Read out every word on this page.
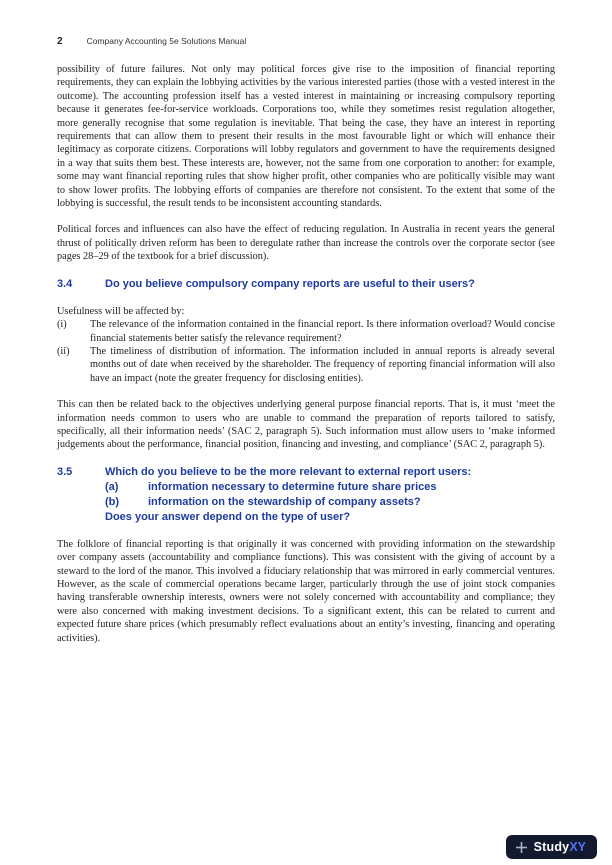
2	Company Accounting 5e Solutions Manual

possibility of future failures. Not only may political forces give rise to the imposition of financial reporting requirements, they can explain the lobbying activities by the various interested parties (those with a vested interest in the outcome). The accounting profession itself has a vested interest in maintaining or increasing compulsory reporting because it generates fee-for-service workloads. Corporations too, while they sometimes resist regulation altogether, more generally recognise that some regulation is inevitable. That being the case, they have an interest in reporting requirements that can allow them to present their results in the most favourable light or which will enhance their legitimacy as corporate citizens. Corporations will lobby regulators and government to have the requirements designed in a way that suits them best. These interests are, however, not the same from one corporation to another: for example, some may want financial reporting rules that show higher profit, other companies who are politically visible may want to show lower profits. The lobbying efforts of companies are therefore not consistent. To the extent that some of the lobbying is successful, the result tends to be inconsistent accounting standards.

Political forces and influences can also have the effect of reducing regulation. In Australia in recent years the general thrust of politically driven reform has been to deregulate rather than increase the controls over the corporate sector (see pages 28–29 of the textbook for a brief discussion).

3.4	Do you believe compulsory company reports are useful to their users?

Usefulness will be affected by:

(i)	The relevance of the information contained in the financial report. Is there information overload? Would concise financial statements better satisfy the relevance requirement?
(ii)	The timeliness of distribution of information. The information included in annual reports is already several months out of date when received by the shareholder. The frequency of reporting financial information will also have an impact (note the greater frequency for disclosing entities).

This can then be related back to the objectives underlying general purpose financial reports. That is, it must ‘meet the information needs common to users who are unable to command the preparation of reports tailored to satisfy, specifically, all their information needs’ (SAC 2, paragraph 5). Such information must allow users to ‘make informed judgements about the performance, financial position, financing and investing, and compliance’ (SAC 2, paragraph 5).

3.5	Which do you believe to be the more relevant to external report users:
(a)	information necessary to determine future share prices
(b)	information on the stewardship of company assets?
Does your answer depend on the type of user?

The folklore of financial reporting is that originally it was concerned with providing information on the stewardship over company assets (accountability and compliance functions). This was consistent with the giving of account by a steward to the lord of the manor. This involved a fiduciary relationship that was mirrored in early commercial ventures. However, as the scale of commercial operations became larger, particularly through the use of joint stock companies having transferable ownership interests, owners were not solely concerned with accountability and compliance; they were also concerned with making investment decisions. To a significant extent, this can be related to current and expected future share prices (which presumably reflect evaluations about an entity’s investing, financing and operating activities).

StudyXY
